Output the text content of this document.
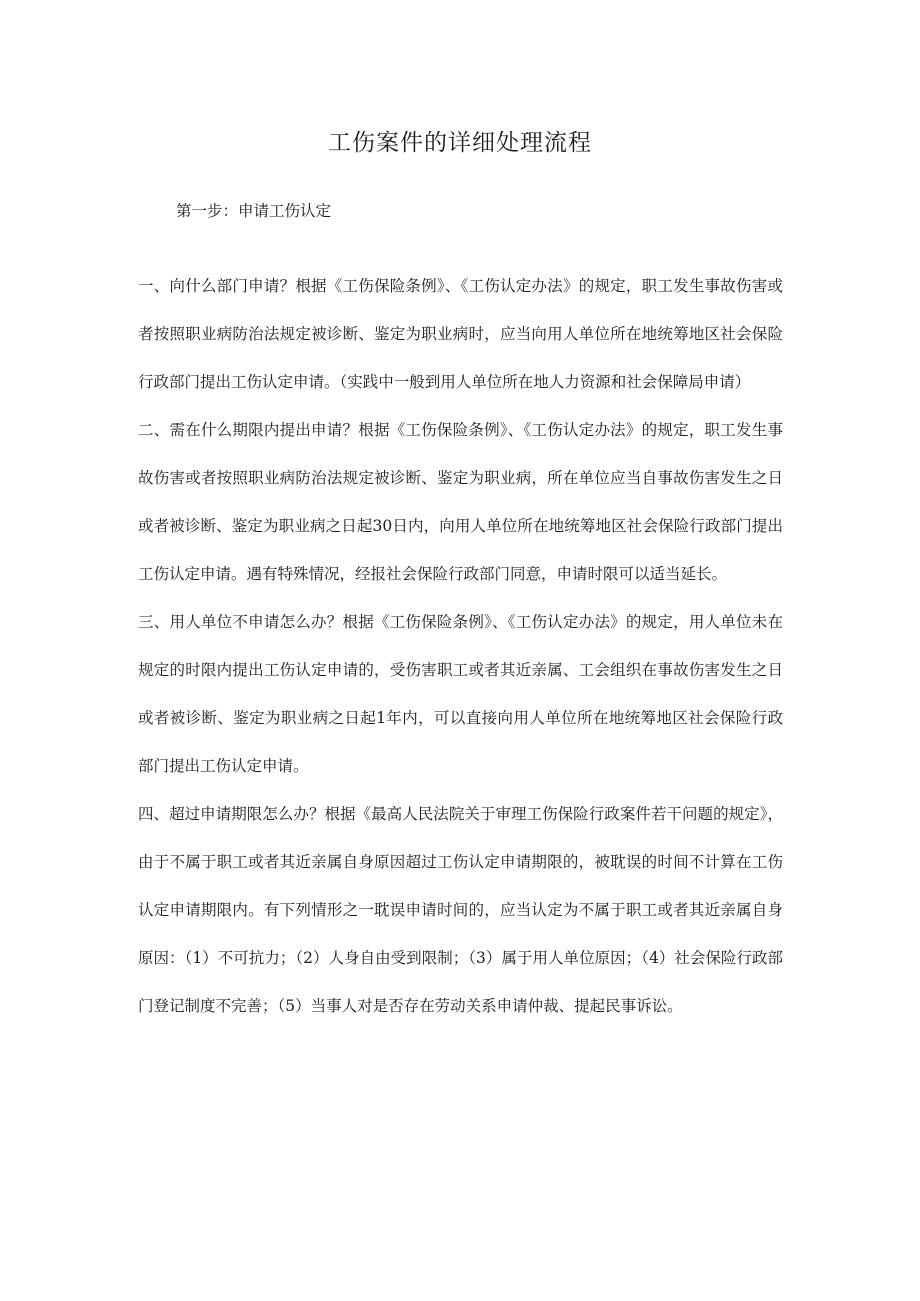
工伤案件的详细处理流程

第一步：申请工伤认定

一、向什么部门申请？根据《工伤保险条例》、《工伤认定办法》的规定，职工发生事故伤害或者按照职业病防治法规定被诊断、鉴定为职业病时，应当向用人单位所在地统筹地区社会保险行政部门提出工伤认定申请。（实践中一般到用人单位所在地人力资源和社会保障局申请）

二、需在什么期限内提出申请？根据《工伤保险条例》、《工伤认定办法》的规定，职工发生事故伤害或者按照职业病防治法规定被诊断、鉴定为职业病，所在单位应当自事故伤害发生之日或者被诊断、鉴定为职业病之日起30日内，向用人单位所在地统筹地区社会保险行政部门提出工伤认定申请。遇有特殊情况，经报社会保险行政部门同意，申请时限可以适当延长。

三、用人单位不申请怎么办？根据《工伤保险条例》、《工伤认定办法》的规定，用人单位未在规定的时限内提出工伤认定申请的，受伤害职工或者其近亲属、工会组织在事故伤害发生之日或者被诊断、鉴定为职业病之日起1年内，可以直接向用人单位所在地统筹地区社会保险行政部门提出工伤认定申请。

四、超过申请期限怎么办？根据《最高人民法院关于审理工伤保险行政案件若干问题的规定》，由于不属于职工或者其近亲属自身原因超过工伤认定申请期限的，被耽误的时间不计算在工伤认定申请期限内。有下列情形之一耽误申请时间的，应当认定为不属于职工或者其近亲属自身原因：（1）不可抗力；（2）人身自由受到限制；（3）属于用人单位原因；（4）社会保险行政部门登记制度不完善；（5）当事人对是否存在劳动关系申请仲裁、提起民事诉讼。
